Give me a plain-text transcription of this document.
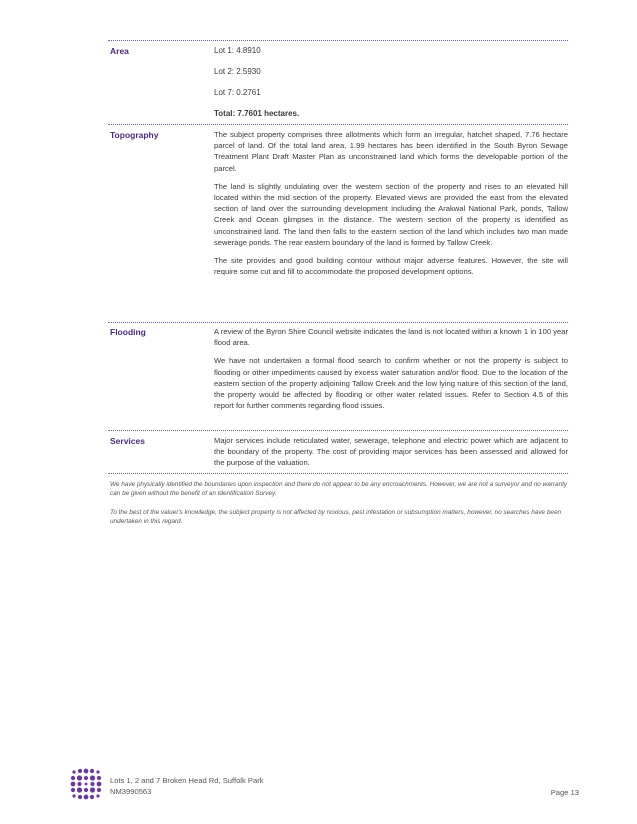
Area	Lot 1: 4.8910
Lot 2: 2.5930
Lot 7: 0.2761
Total: 7.7601 hectares.
Topography	The subject property comprises three allotments which form an irregular, hatchet shaped, 7.76 hectare parcel of land. Of the total land area, 1.99 hectares has been identified in the South Byron Sewage Treatment Plant Draft Master Plan as unconstrained land which forms the developable portion of the parcel.

The land is slightly undulating over the western section of the property and rises to an elevated hill located within the mid section of the property. Elevated views are provided the east from the elevated section of land over the surrounding development including the Arakwal National Park, ponds, Tallow Creek and Ocean glimpses in the distance. The western section of the property is identified as unconstrained land. The land then falls to the eastern section of the land which includes two man made sewerage ponds. The rear eastern boundary of the land is formed by Tallow Creek.

The site provides and good building contour without major adverse features. However, the site will require some cut and fill to accommodate the proposed development options.

Flooding	A review of the Byron Shire Council website indicates the land is not located within a known 1 in 100 year flood area.

We have not undertaken a formal flood search to confirm whether or not the property is subject to flooding or other impediments caused by excess water saturation and/or flood. Due to the location of the eastern section of the property adjoining Tallow Creek and the low lying nature of this section of the land, the property would be affected by flooding or other water related issues. Refer to Section 4.5 of this report for further comments regarding flood issues.

Services	Major services include reticulated water, sewerage, telephone and electric power which are adjacent to the boundary of the property. The cost of providing major services has been assessed and allowed for the purpose of the valuation.

We have physically identified the boundaries upon inspection and there do not appear to be any encroachments. However, we are not a surveyor and no warranty can be given without the benefit of an Identification Survey.
To the best of the valuer's knowledge, the subject property is not affected by noxious, pest infestation or subsumption matters, however, no searches have been undertaken in this regard.
Lots 1, 2 and 7 Broken Head Rd, Suffolk Park
NM3990563	Page 13
